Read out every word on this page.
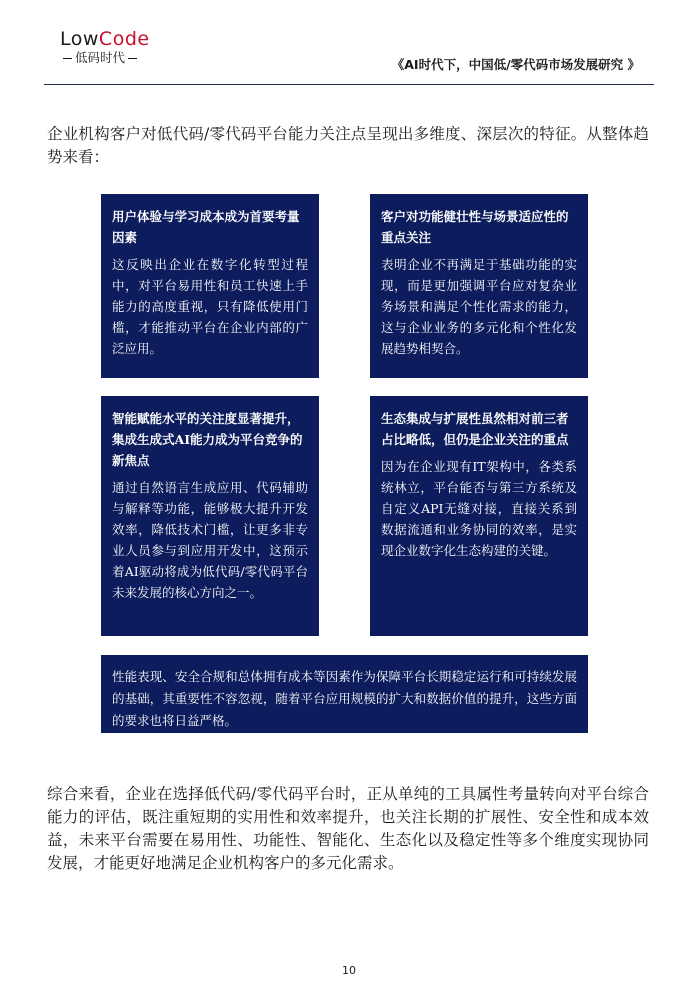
LowCode
低码时代	《AI时代下，中国低/零代码市场发展研究 》
企业机构客户对低代码/零代码平台能力关注点呈现出多维度、深层次的特征。从整体趋势来看：
用户体验与学习成本成为首要考量因素
这反映出企业在数字化转型过程中，对平台易用性和员工快速上手能力的高度重视，只有降低使用门槛，才能推动平台在企业内部的广泛应用。
客户对功能健壮性与场景适应性的重点关注
表明企业不再满足于基础功能的实现，而是更加强调平台应对复杂业务场景和满足个性化需求的能力，这与企业业务的多元化和个性化发展趋势相契合。
智能赋能水平的关注度显著提升，集成生成式AI能力成为平台竞争的新焦点
通过自然语言生成应用、代码辅助与解释等功能，能够极大提升开发效率，降低技术门槛，让更多非专业人员参与到应用开发中，这预示着AI驱动将成为低代码/零代码平台未来发展的核心方向之一。
生态集成与扩展性虽然相对前三者占比略低，但仍是企业关注的重点
因为在企业现有IT架构中，各类系统林立，平台能否与第三方系统及自定义API无缝对接，直接关系到数据流通和业务协同的效率，是实现企业数字化生态构建的关键。
性能表现、安全合规和总体拥有成本等因素作为保障平台长期稳定运行和可持续发展的基础，其重要性不容忽视，随着平台应用规模的扩大和数据价值的提升，这些方面的要求也将日益严格。
综合来看，企业在选择低代码/零代码平台时，正从单纯的工具属性考量转向对平台综合能力的评估，既注重短期的实用性和效率提升，也关注长期的扩展性、安全性和成本效益，未来平台需要在易用性、功能性、智能化、生态化以及稳定性等多个维度实现协同发展，才能更好地满足企业机构客户的多元化需求。
10
